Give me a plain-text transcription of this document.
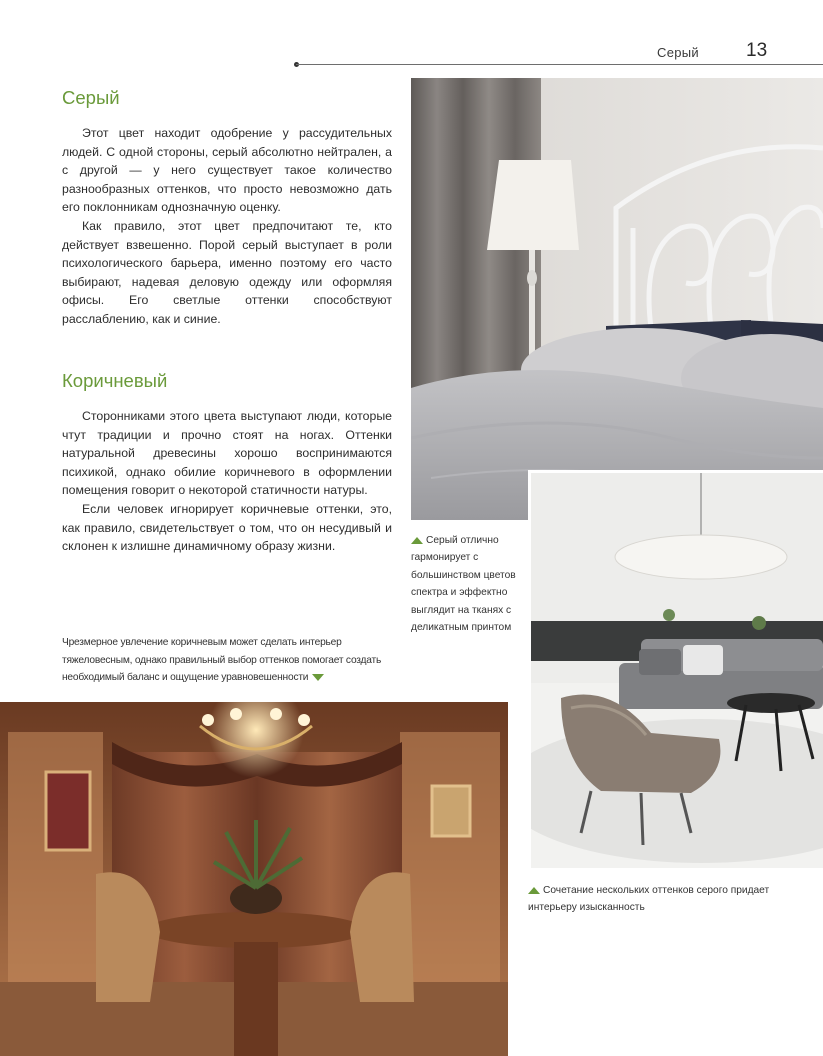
Серый 13
Серый

Этот цвет находит одобрение у рассудительных людей. С одной стороны, серый абсолютно нейтрален, а с другой — у него существует такое количество разнообразных оттенков, что просто невозможно дать его поклонникам однозначную оценку.

Как правило, этот цвет предпочитают те, кто действует взвешенно. Порой серый выступает в роли психологического барьера, именно поэтому его часто выбирают, надевая деловую одежду или оформляя офисы. Его светлые оттенки способствуют расслаблению, как и синие.

Коричневый

Сторонниками этого цвета выступают люди, которые чтут традиции и прочно стоят на ногах. Оттенки натуральной древесины хорошо воспринимаются психикой, однако обилие коричневого в оформлении помещения говорит о некоторой статичности натуры.

Если человек игнорирует коричневые оттенки, это, как правило, свидетельствует о том, что он несудивый и склонен к излишне динамичному образу жизни.

Чрезмерное увлечение коричневым может сделать интерьер тяжеловесным, однако правильный выбор оттенков помогает создать необходимый баланс и ощущение уравновешенности
Серый отлично гармонирует с большинством цветов спектра и эффектно выглядит на тканях с деликатным принтом
Сочетание нескольких оттенков серого придает интерьеру изысканность
